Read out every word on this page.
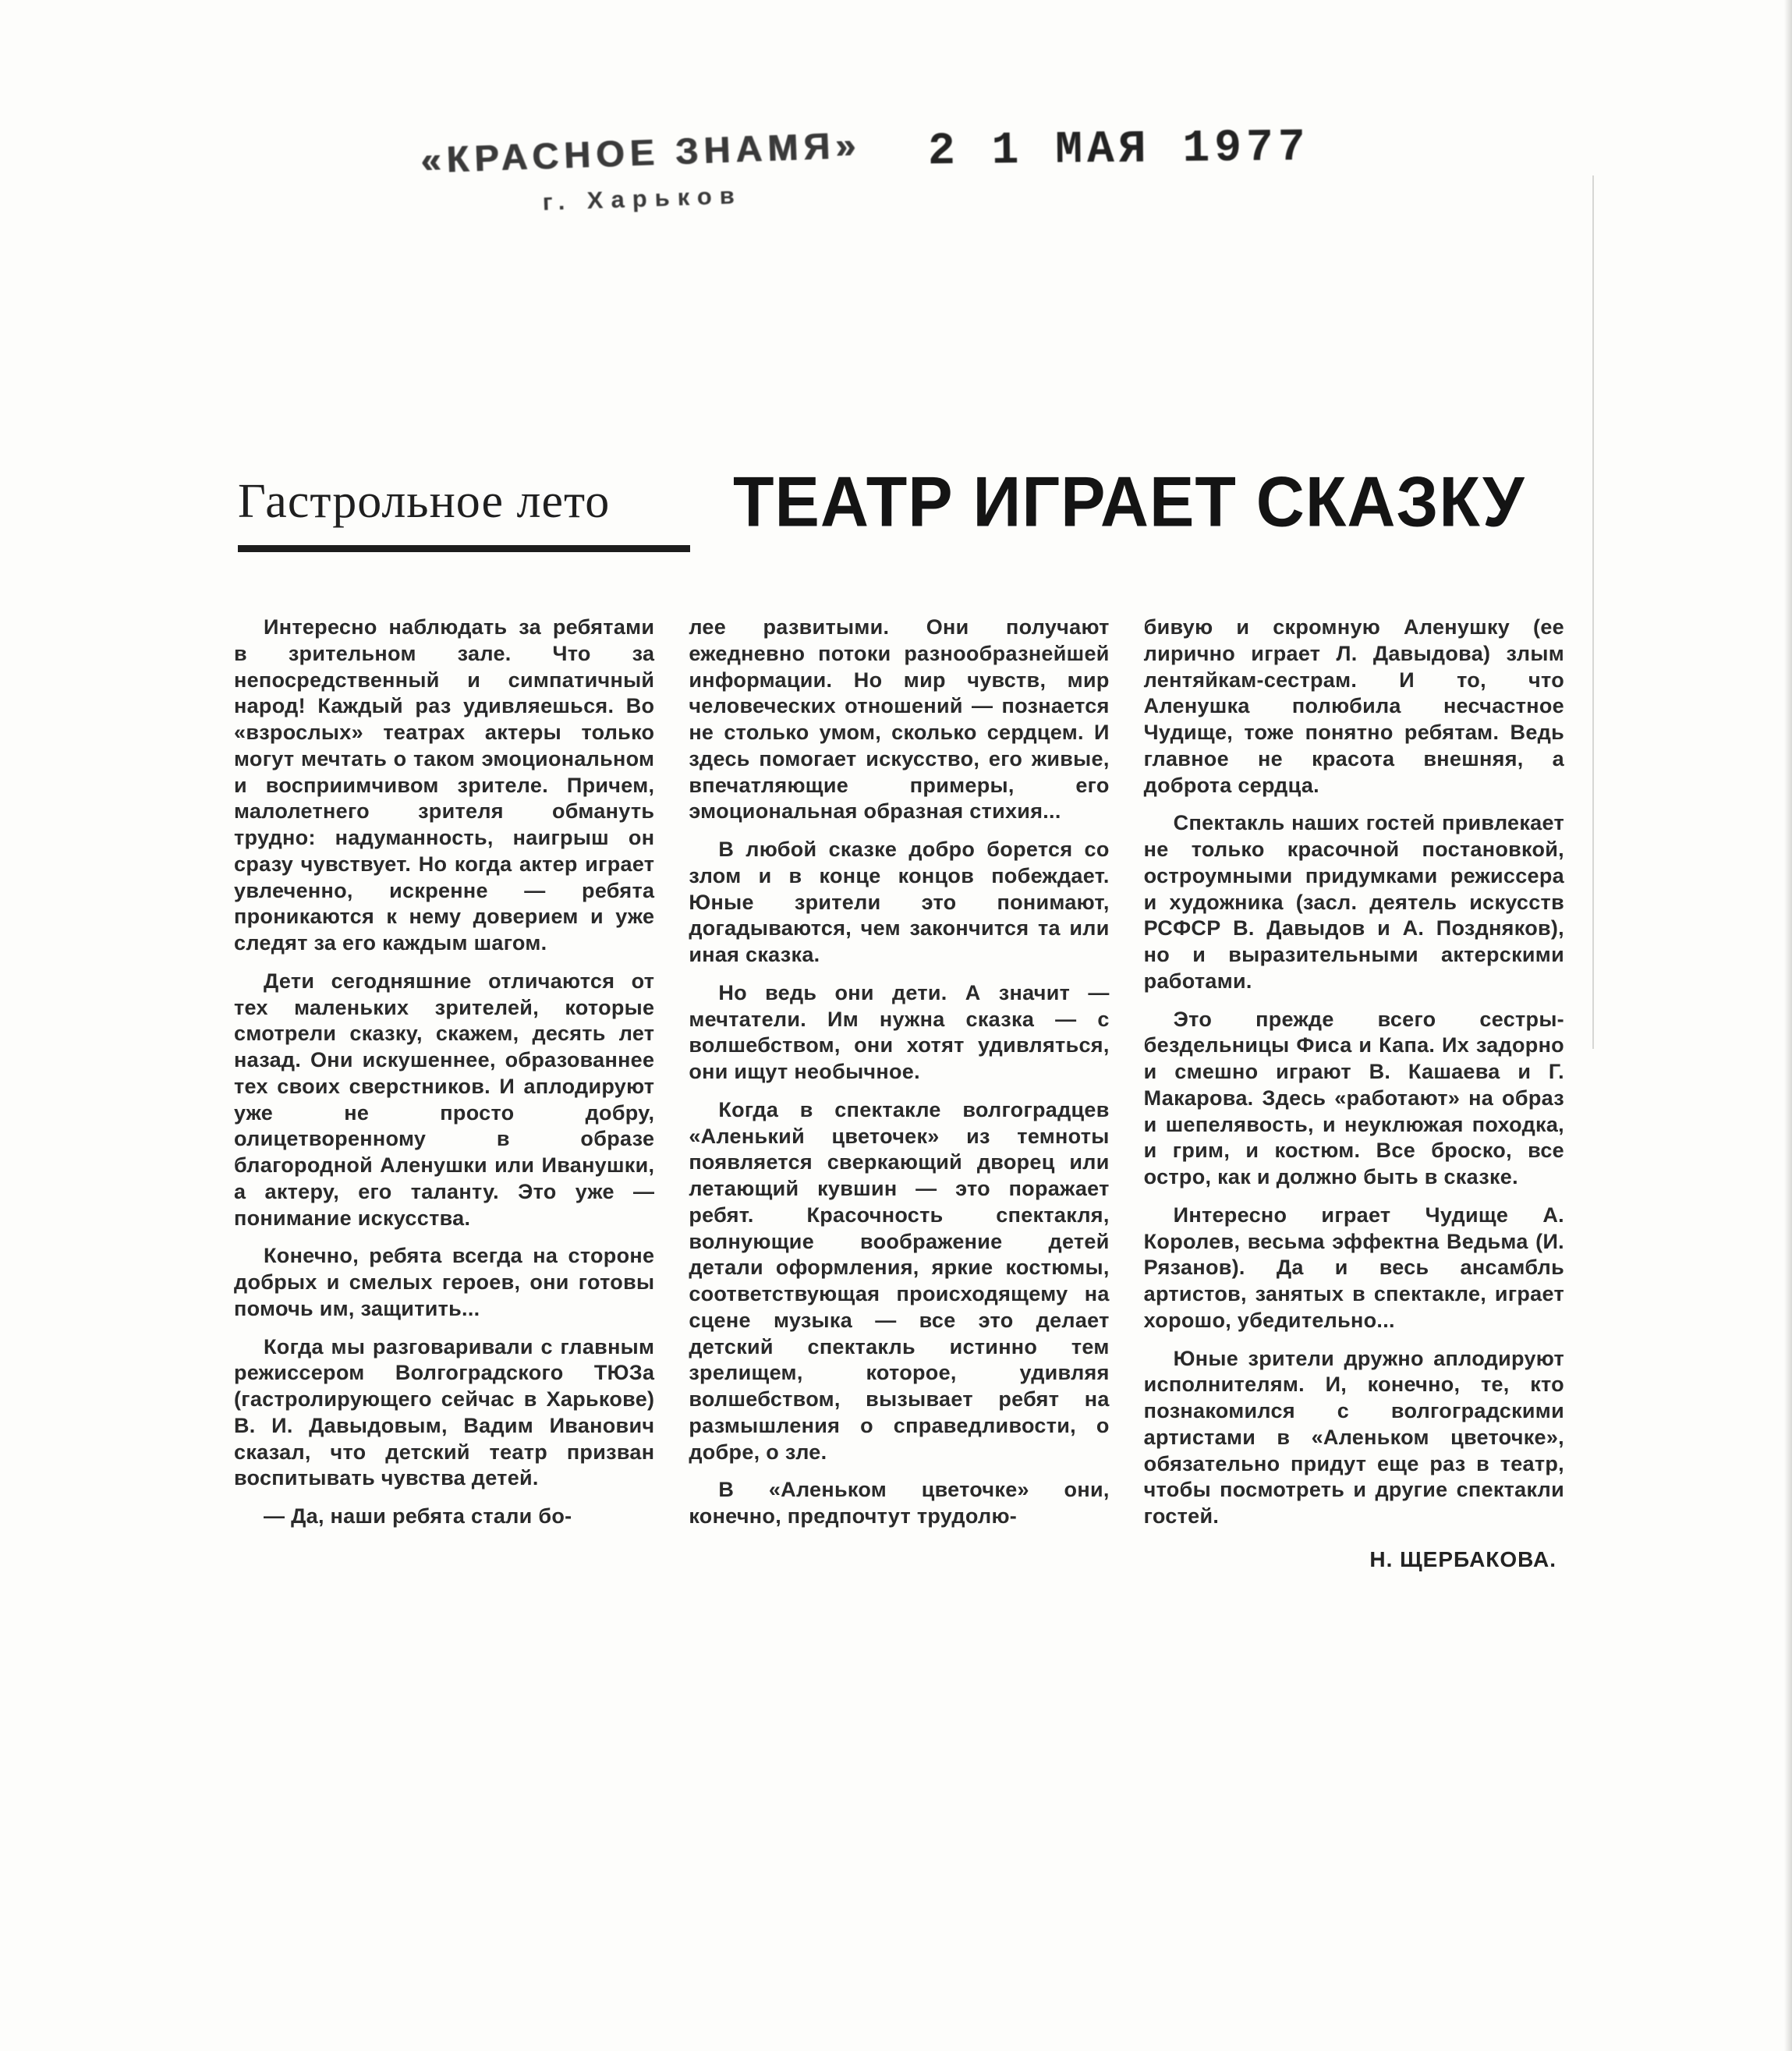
«КРАСНОЕ ЗНАМЯ»
г. Харьков
2 1 МАЯ 1977
Гастрольное лето	ТЕАТР ИГРАЕТ СКАЗКУ

Интересно наблюдать за ребятами в зрительном зале. Что за непосредственный и симпатичный народ! Каждый раз удивляешься. Во «взрослых» театрах актеры только могут мечтать о таком эмоциональном и восприимчивом зрителе. Причем, малолетнего зрителя обмануть трудно: надуманность, наигрыш он сразу чувствует. Но когда актер играет увлеченно, искренне — ребята проникаются к нему доверием и уже следят за его каждым шагом.

Дети сегодняшние отличаются от тех маленьких зрителей, которые смотрели сказку, скажем, десять лет назад. Они искушеннее, образованнее тех своих сверстников. И аплодируют уже не просто добру, олицетворенному в образе благородной Аленушки или Иванушки, а актеру, его таланту. Это уже — понимание искусства.

Конечно, ребята всегда на стороне добрых и смелых героев, они готовы помочь им, защитить...

Когда мы разговаривали с главным режиссером Волгоградского ТЮЗа (гастролирующего сейчас в Харькове) В. И. Давыдовым, Вадим Иванович сказал, что детский театр призван воспитывать чувства детей.

— Да, наши ребята стали бо-

лее развитыми. Они получают ежедневно потоки разнообразнейшей информации. Но мир чувств, мир человеческих отношений — познается не столько умом, сколько сердцем. И здесь помогает искусство, его живые, впечатляющие примеры, его эмоциональная образная стихия...

В любой сказке добро борется со злом и в конце концов побеждает. Юные зрители это понимают, догадываются, чем закончится та или иная сказка.

Но ведь они дети. А значит —мечтатели. Им нужна сказка — с волшебством, они хотят удивляться, они ищут необычное.

Когда в спектакле волгоградцев «Аленький цветочек» из темноты появляется сверкающий дворец или летающий кувшин — это поражает ребят. Красочность спектакля, волнующие воображение детей детали оформления, яркие костюмы, соответствующая происходящему на сцене музыка — все это делает детский спектакль истинно тем зрелищем, которое, удивляя волшебством, вызывает ребят на размышления о справедливости, о добре, о зле.

В «Аленьком цветочке» они, конечно, предпочтут трудолю-

бивую и скромную Аленушку (ее лирично играет Л. Давыдова) злым лентяйкам-сестрам. И то, что Аленушка полюбила несчастное Чудище, тоже понятно ребятам. Ведь главное не красота внешняя, а доброта сердца.

Спектакль наших гостей привлекает не только красочной постановкой, остроумными придумками режиссера и художника (засл. деятель искусств РСФСР В. Давыдов и А. Поздняков), но и выразительными актерскими работами.

Это прежде всего сестры-бездельницы Фиса и Капа. Их задорно и смешно играют В. Кашаева и Г. Макарова. Здесь «работают» на образ и шепелявость, и неуклюжая походка, и грим, и костюм. Все броско, все остро, как и должно быть в сказке.

Интересно играет Чудище А. Королев, весьма эффектна Ведьма (И. Рязанов). Да и весь ансамбль артистов, занятых в спектакле, играет хорошо, убедительно...

Юные зрители дружно аплодируют исполнителям. И, конечно, те, кто познакомился с волгоградскими артистами в «Аленьком цветочке», обязательно придут еще раз в театр, чтобы посмотреть и другие спектакли гостей.

Н. ЩЕРБАКОВА.
